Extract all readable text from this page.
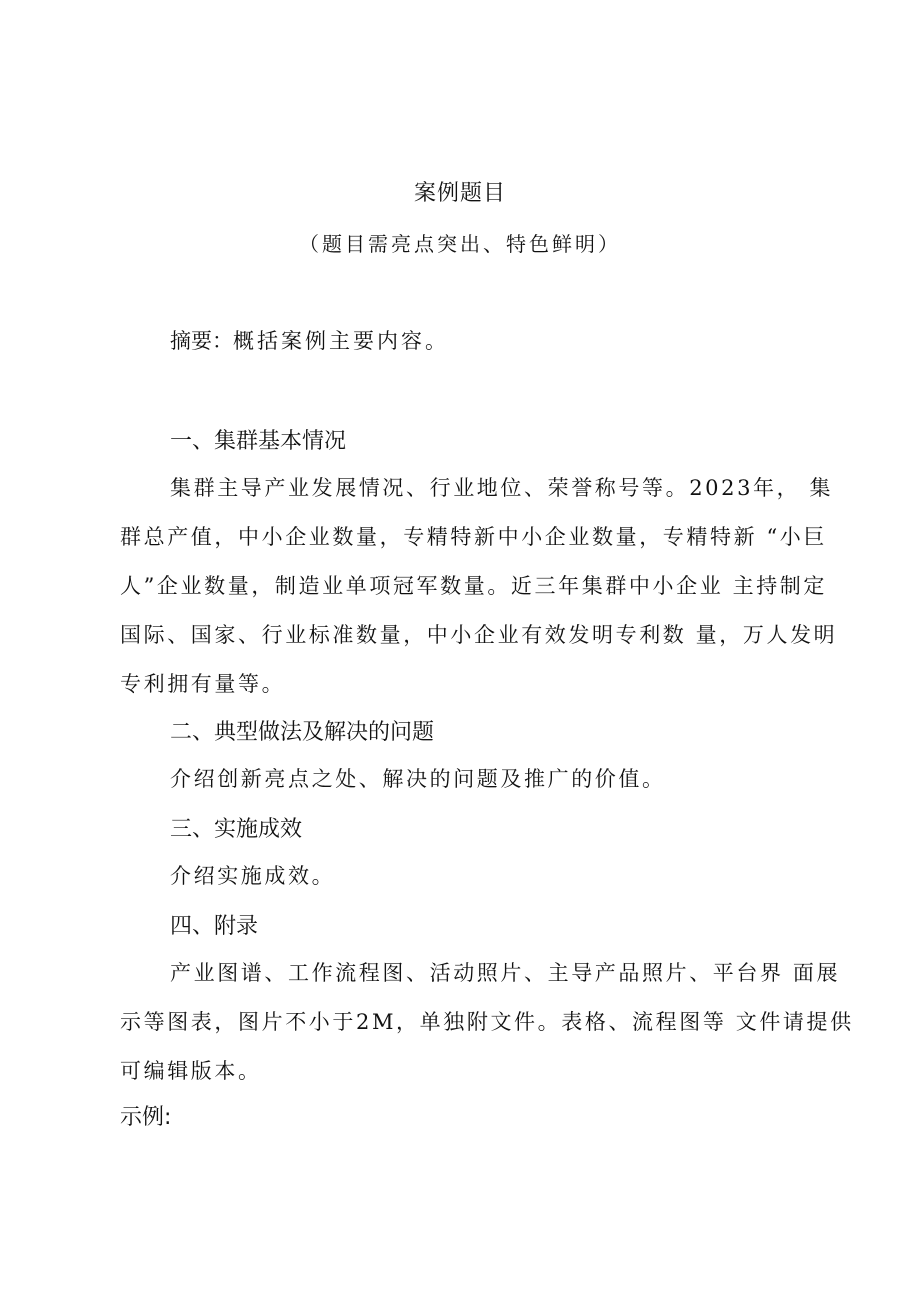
案例题目
（题目需亮点突出、特色鲜明）
摘要：概括案例主要内容。
一、集群基本情况
集群主导产业发展情况、行业地位、荣誉称号等。2023年， 集
群总产值，中小企业数量，专精特新中小企业数量，专精特新 “小巨
人”企业数量，制造业单项冠军数量。近三年集群中小企业 主持制定
国际、国家、行业标准数量，中小企业有效发明专利数 量，万人发明
专利拥有量等。
二、典型做法及解决的问题
介绍创新亮点之处、解决的问题及推广的价值。
三、实施成效
介绍实施成效。
四、附录
产业图谱、工作流程图、活动照片、主导产品照片、平台界 面展
示等图表，图片不小于2M，单独附文件。表格、流程图等 文件请提供
可编辑版本。
示例:
